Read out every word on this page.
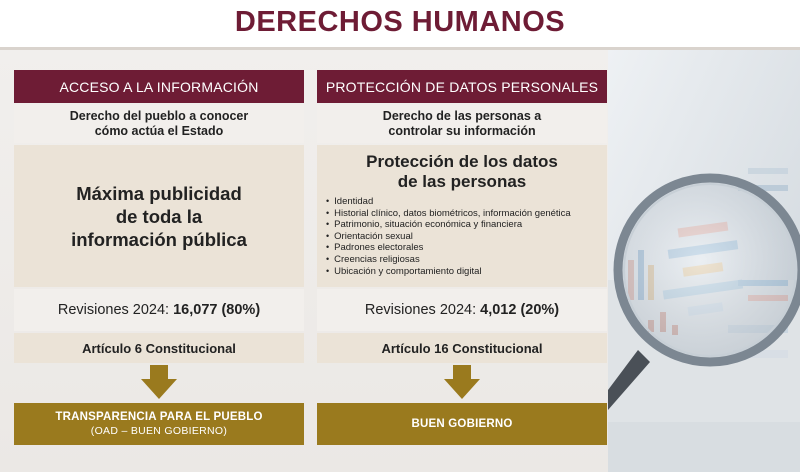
DERECHOS HUMANOS
ACCESO A LA INFORMACIÓN
Derecho del pueblo a conocer
cómo actúa el Estado
Máxima publicidad
de toda la
información pública
Revisiones 2024: 16,077 (80%)
Artículo 6 Constitucional
TRANSPARENCIA PARA EL PUEBLO
(OAD – BUEN GOBIERNO)
PROTECCIÓN DE DATOS PERSONALES
Derecho de las personas a
controlar su información
Protección de los datos
de las personas
• Identidad
• Historial clínico, datos biométricos, información genética
• Patrimonio, situación económica y financiera
• Orientación sexual
• Padrones electorales
• Creencias religiosas
• Ubicación y comportamiento digital
Revisiones 2024: 4,012 (20%)
Artículo 16 Constitucional
BUEN GOBIERNO
